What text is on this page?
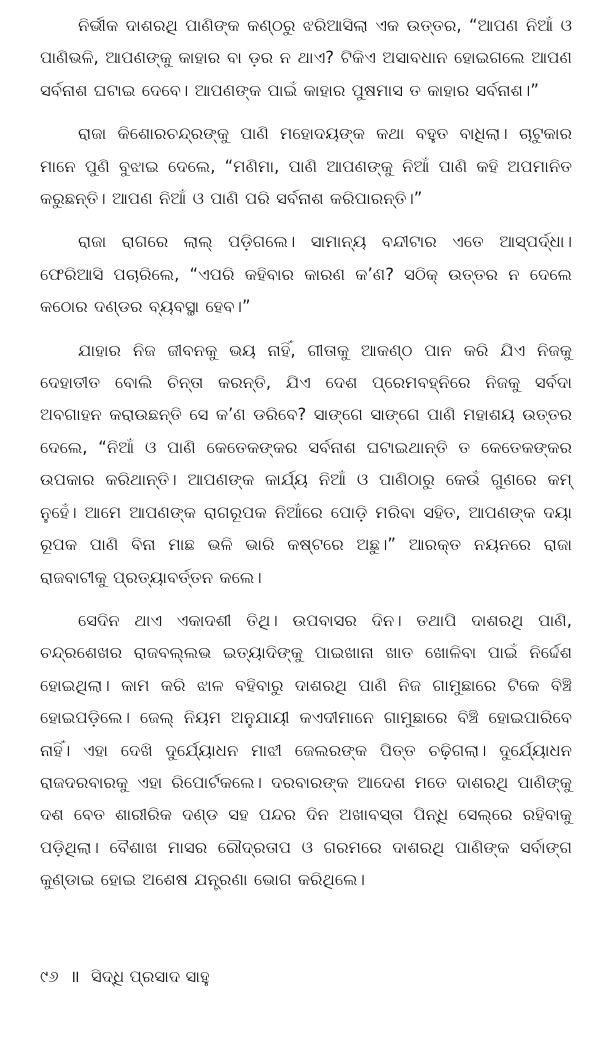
ନିର୍ଭୀକ ଦାଶରଥି ପାଣିଙ୍କ କଣ୍ଠରୁ ଝରିଆସିଲା ଏକ ଉତ୍ତର, “ଆପଣ ନିଆଁ ଓ ପାଣିଭଳି, ଆପଣଙ୍କୁ କାହାର ବା ଡ଼ର ନ ଥାଏ? ଟିକିଏ ଅସାବଧାନ ହୋଇଗଲେ ଆପଣ ସର୍ବନାଶ ଘଟାଇ ଦେବେ। ଆପଣଙ୍କ ପାଇଁ କାହାର ପୁଷମାସ ତ କାହାର ସର୍ବନାଶ।”

ରାଜା କିଶୋରଚନ୍ଦ୍ରଙ୍କୁ ପାଣି ମହୋଦୟଙ୍କ କଥା ବହୁତ ବାଧିଲା। ଚାଟୁକାର ମାନେ ପୁଣି ବୁଝାଇ ଦେଲେ, “ମଣିମା, ପାଣି ଆପଣଙ୍କୁ ନିଆଁ ପାଣି କହି ଅପମାନିତ କରୁଛନ୍ତି। ଆପଣ ନିଆଁ ଓ ପାଣି ପରି ସର୍ବନାଶ କରିପାରନ୍ତି।”

ରାଜା ରାଗରେ ଲାଲ୍ ପଡ଼ିଗଲେ। ସାମାନ୍ୟ ବନ୍ଦୀଟାର ଏତେ ଆସ୍ପର୍ଦ୍ଧା। ଫେରିଆସି ପଚାରିଲେ, “ଏପରି କହିବାର କାରଣ କ’ଣ? ସଠିକ୍ ଉତ୍ତର ନ ଦେଲେ କଠୋର ଦଣ୍ଡର ବ୍ୟବସ୍ଥା ହେବ।”

ଯାହାର ନିଜ ଜୀବନକୁ ଭୟ ନାହିଁ, ଗୀତାକୁ ଆକଣ୍ଠ ପାନ କରି ଯିଏ ନିଜକୁ ଦେହାତୀତ ବୋଲି ଚିନ୍ତା କରନ୍ତି, ଯିଏ ଦେଶ ପ୍ରେମବହ୍ନିରେ ନିଜକୁ ସର୍ବଦା ଅବଗାହନ କରାଉଛନ୍ତି ସେ କ’ଣ ଡରିବେ? ସାଙ୍ଗେ ସାଙ୍ଗେ ପାଣି ମହାଶୟ ଉତ୍ତର ଦେଲେ, “ନିଆଁ ଓ ପାଣି କେତେକଙ୍କର ସର୍ବନାଶ ଘଟାଇଥାନ୍ତି ତ କେତେକଙ୍କର ଉପକାର କରିଥାନ୍ତି। ଆପଣଙ୍କ କାର୍ଯ୍ୟ ନିଆଁ ଓ ପାଣିଠାରୁ କେଉଁ ଗୁଣରେ କମ୍ ନୁହେଁ। ଆମେ ଆପଣଙ୍କ ରାଗରୂପକ ନିଆଁରେ ପୋଡ଼ି ମରିବା ସହିତ, ଆପଣଙ୍କ ଦୟା ରୂପକ ପାଣି ବିନା ମାଛ ଭଳି ଭାରି କଷ୍ଟରେ ଅଛୁ।” ଆରକ୍ତ ନୟନରେ ରାଜା ରାଜବାଟୀକୁ ପ୍ରତ୍ୟାବର୍ତ୍ତନ କଲେ।

ସେଦିନ ଥାଏ ଏକାଦଶୀ ତିଥି। ଉପବାସର ଦିନ। ତଥାପି ଦାଶରଥି ପାଣି, ଚନ୍ଦ୍ରଶେଖର ରାଜବଲ୍ଲଭ ଇତ୍ୟାଦିଙ୍କୁ ପାଇଖାନା ଖାତ ଖୋଳିବା ପାଇଁ ନିର୍ଦ୍ଦେଶ ହୋଇଥିଲା। କାମ କରି ଝାଳ ବହିବାରୁ ଦାଶରଥି ପାଣି ନିଜ ଗାମୁଛାରେ ଟିକେ ବିଞ୍ଚି ହୋଇପଡ଼ିଲେ। ଜେଲ୍ ନିୟମ ଅନୁଯାୟୀ କଏଦୀମାନେ ଗାମୁଛାରେ ବିଞ୍ଚି ହୋଇପାରିବେ ନାହିଁ। ଏହା ଦେଖି ଦୁର୍ଯ୍ୟୋଧନ ମାଝୀ ଜେଲରଙ୍କ ପିତ୍ତ ଚଢ଼ିଗଲା। ଦୁର୍ଯ୍ୟୋଧନ ରାଜଦରବାରକୁ ଏହା ରିପୋର୍ଟକଲେ। ଦରବାରଙ୍କ ଆଦେଶ ମତେ ଦାଶରଥି ପାଣିଙ୍କୁ ଦଶ ବେତ ଶାରୀରିକ ଦଣ୍ଡ ସହ ପନ୍ଦର ଦିନ ଅଖାବସ୍ତା ପିନ୍ଧି ସେଲ୍‌ରେ ରହିବାକୁ ପଡ଼ିଥିଲା। ବୈଶାଖ ମାସର ରୌଦ୍ରତାପ ଓ ଗରମରେ ଦାଶରଥି ପାଣିଙ୍କ ସର୍ବାଙ୍ଗ କୁଣ୍ଡାଇ ହୋଇ ଅଶେଷ ଯନ୍ତ୍ରଣା ଭୋଗ କରିଥିଲେ।

୯୬ ॥ ସିଦ୍ଧି ପ୍ରସାଦ ସାହୁ
